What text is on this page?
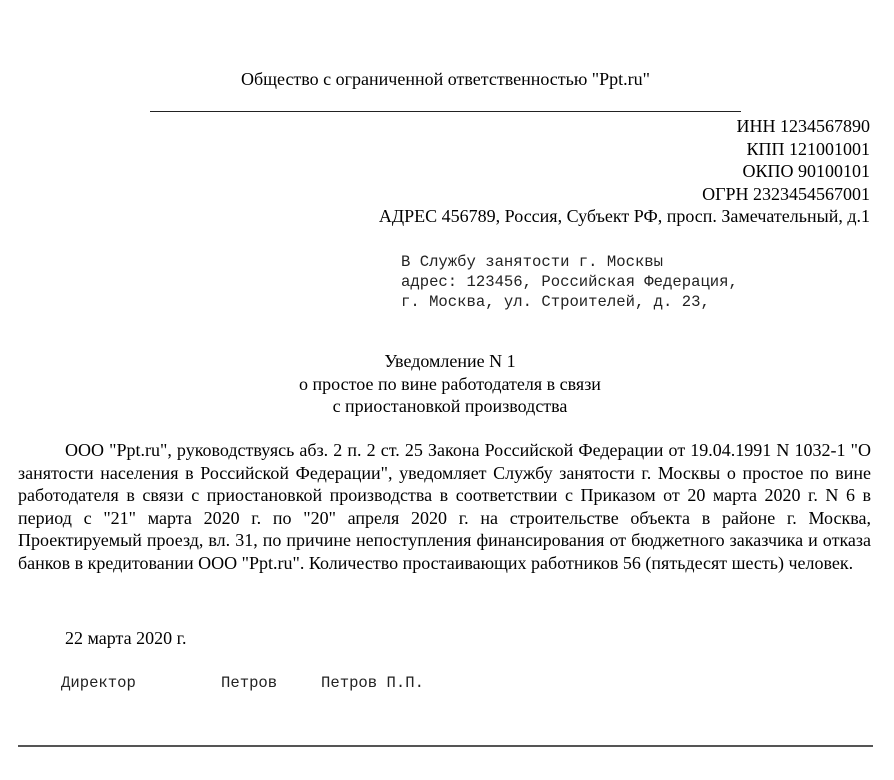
Общество с ограниченной ответственностью "Ppt.ru"
ИНН 1234567890
КПП 121001001
ОКПО 90100101
ОГРН 2323454567001
АДРЕС 456789, Россия, Субъект РФ, просп. Замечательный, д.1
В Службу занятости г. Москвы
адрес: 123456, Российская Федерация,
г. Москва, ул. Строителей, д. 23,
Уведомление N 1
о простое по вине работодателя в связи
с приостановкой производства

ООО "Ppt.ru", руководствуясь абз. 2 п. 2 ст. 25 Закона Российской Федерации от 19.04.1991 N 1032-1 "О занятости населения в Российской Федерации", уведомляет Службу занятости г. Москвы о простое по вине работодателя в связи с приостановкой производства в соответствии с Приказом от 20 марта 2020 г. N 6 в период с "21" марта 2020 г. по "20" апреля 2020 г. на строительстве объекта в районе г. Москва, Проектируемый проезд, вл. 31, по причине непоступления финансирования от бюджетного заказчика и отказа банков в кредитовании ООО "Ppt.ru". Количество простаивающих работников 56 (пятьдесят шесть) человек.

22 марта 2020 г.

Директор

	Петров

	Петров П.П.
